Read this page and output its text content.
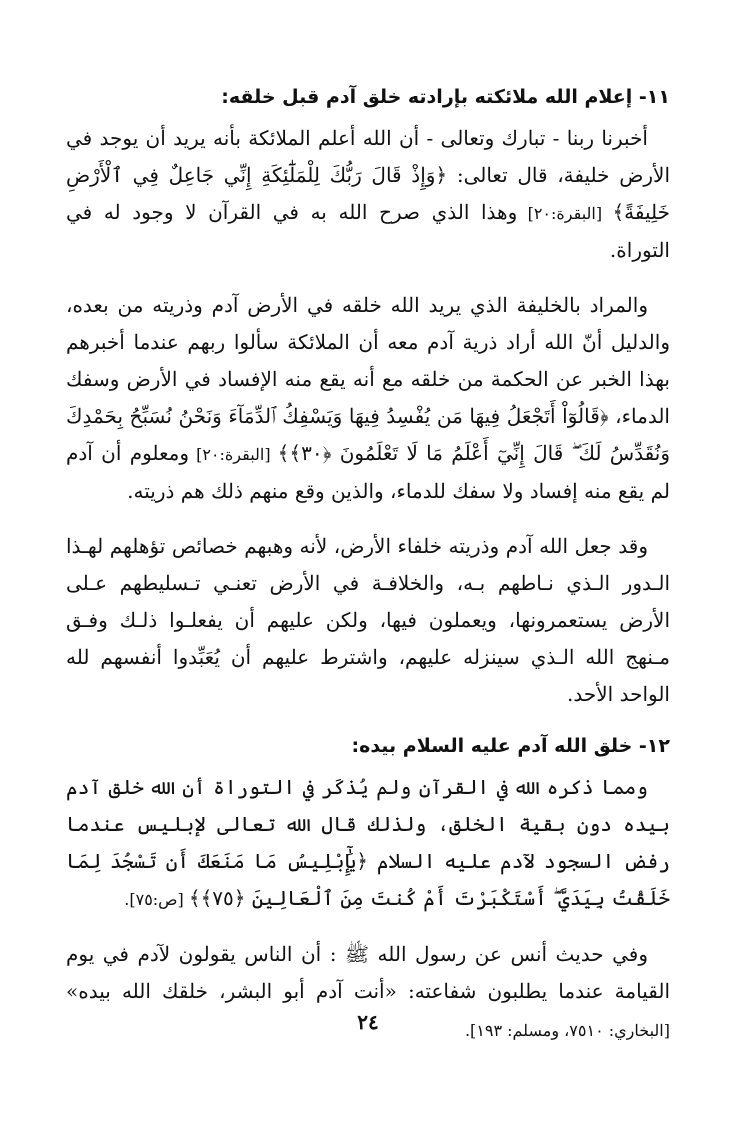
١١- إعلام الله ملائكته بإرادته خلق آدم قبل خلقه:

أخبرنا ربنا - تبارك وتعالى - أن الله أعلم الملائكة بأنه يريد أن يوجد في الأرض خليفة، قال تعالى: ﴿وَإِذْ قَالَ رَبُّكَ لِلْمَلَٰٓئِكَةِ إِنِّي جَاعِلٌ فِي ٱلْأَرْضِ خَلِيفَةً﴾ [البقرة:٢٠] وهذا الذي صرح الله به في القرآن لا وجود له في التوراة.

والمراد بالخليفة الذي يريد الله خلقه في الأرض آدم وذريته من بعده، والدليل أنّ الله أراد ذرية آدم معه أن الملائكة سألوا ربهم عندما أخبرهم بهذا الخبر عن الحكمة من خلقه مع أنه يقع منه الإفساد في الأرض وسفك الدماء، ﴿قَالُوٓاْ أَتَجْعَلُ فِيهَا مَن يُفْسِدُ فِيهَا وَيَسْفِكُ ٱلدِّمَآءَ وَنَحْنُ نُسَبِّحُ بِحَمْدِكَ وَنُقَدِّسُ لَكَ ۖ قَالَ إِنِّيٓ أَعْلَمُ مَا لَا تَعْلَمُونَ ﴿٣٠﴾﴾ [البقرة:٢٠] ومعلوم أن آدم لم يقع منه إفساد ولا سفك للدماء، والذين وقع منهم ذلك هم ذريته.

وقد جعل الله آدم وذريته خلفاء الأرض، لأنه وهبهم خصائص تؤهلهم لهـذا الـدور الـذي نـاطهم بـه، والخلافـة في الأرض تعنـي تـسليطهم عـلى الأرض يستعمرونها، ويعملون فيها، ولكن عليهم أن يفعلـوا ذلـك وفـق مـنهج الله الـذي سينزله عليهم، واشترط عليهم أن يُعَبِّدوا أنفسهم لله الواحد الأحد.

١٢- خلق الله آدم عليه السلام بيده:

ومما ذكره الله في القرآن ولم يُذكَر في التوراة أن الله خلق آدم بيده دون بقية الخلق، ولذلك قال الله تعالى لإبليس عندما رفض السجود لآدم عليه السلام ﴿يَٰٓإِبْلِيسُ مَا مَنَعَكَ أَن تَسْجُدَ لِمَا خَلَقْتُ بِيَدَيَّ ۖ أَسْتَكْبَرْتَ أَمْ كُنتَ مِنَ ٱلْعَالِينَ ﴿٧٥﴾﴾ [ص:٧٥].

وفي حديث أنس عن رسول الله ﷺ : أن الناس يقولون لآدم في يوم القيامة عندما يطلبون شفاعته: «أنت آدم أبو البشر، خلقك الله بيده» [البخاري: ٧٥١٠، ومسلم: ١٩٣].

٢٤
